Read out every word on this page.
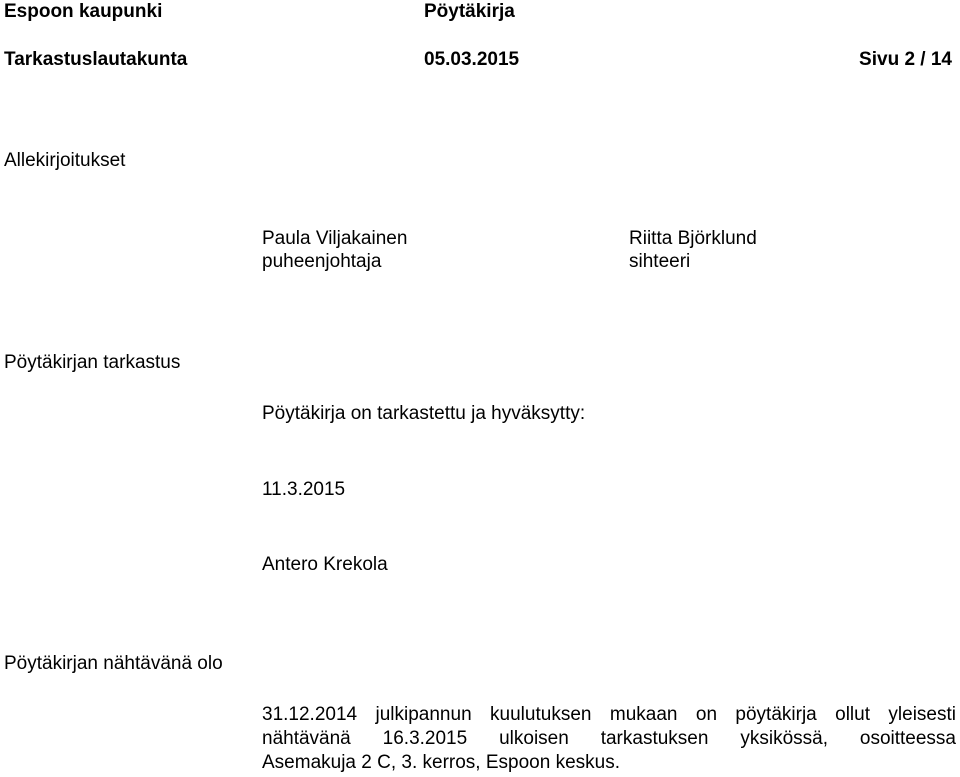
Espoon kaupunki	Pöytäkirja
Tarkastuslautakunta	05.03.2015	Sivu 2 / 14
Allekirjoitukset
Paula Viljakainen
puheenjohtaja
Riitta Björklund
sihteeri
Pöytäkirjan tarkastus
Pöytäkirja on tarkastettu ja hyväksytty:
11.3.2015
Antero Krekola
Pöytäkirjan nähtävänä olo
31.12.2014 julkipannun kuulutuksen mukaan on pöytäkirja ollut yleisesti
nähtävänä 16.3.2015 ulkoisen tarkastuksen yksikössä, osoitteessa
Asemakuja 2 C, 3. kerros, Espoon keskus.
